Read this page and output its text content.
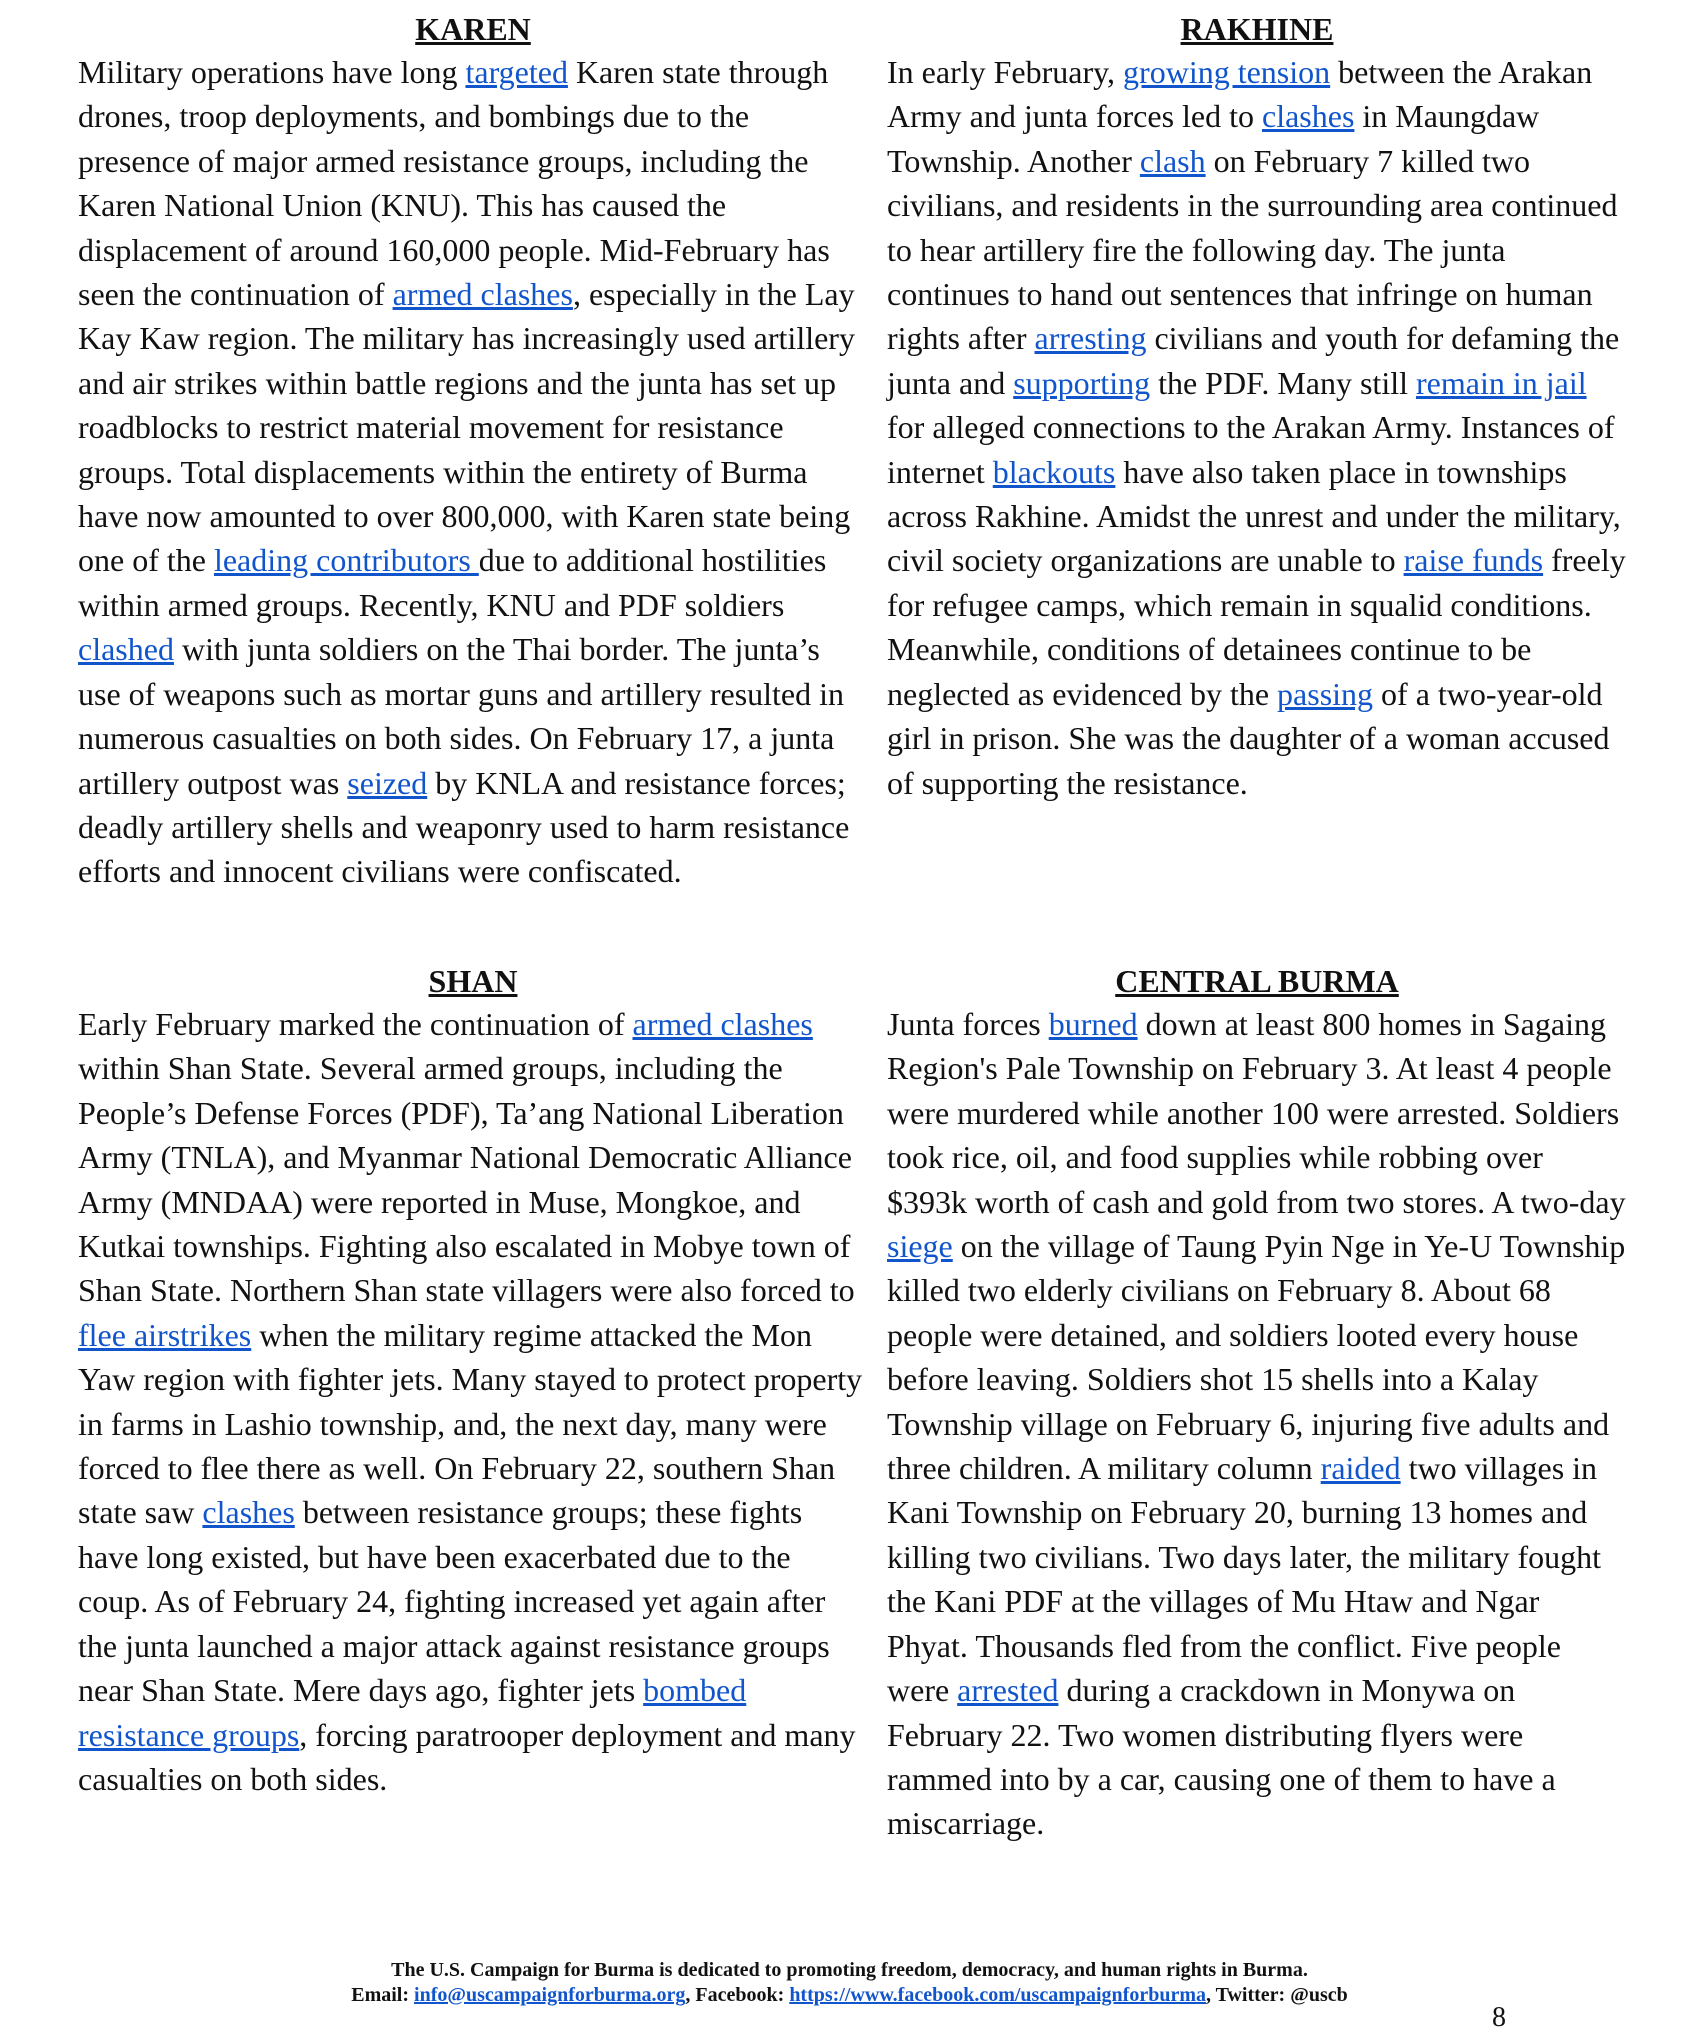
KAREN

Military operations have long targeted Karen state through drones, troop deployments, and bombings due to the presence of major armed resistance groups, including the Karen National Union (KNU). This has caused the displacement of around 160,000 people. Mid-February has seen the continuation of armed clashes, especially in the Lay Kay Kaw region. The military has increasingly used artillery and air strikes within battle regions and the junta has set up roadblocks to restrict material movement for resistance groups. Total displacements within the entirety of Burma have now amounted to over 800,000, with Karen state being one of the leading contributors due to additional hostilities within armed groups. Recently, KNU and PDF soldiers clashed with junta soldiers on the Thai border. The junta’s use of weapons such as mortar guns and artillery resulted in numerous casualties on both sides. On February 17, a junta artillery outpost was seized by KNLA and resistance forces; deadly artillery shells and weaponry used to harm resistance efforts and innocent civilians were confiscated.

RAKHINE

In early February, growing tension between the Arakan Army and junta forces led to clashes in Maungdaw Township. Another clash on February 7 killed two civilians, and residents in the surrounding area continued to hear artillery fire the following day. The junta continues to hand out sentences that infringe on human rights after arresting civilians and youth for defaming the junta and supporting the PDF. Many still remain in jail for alleged connections to the Arakan Army. Instances of internet blackouts have also taken place in townships across Rakhine. Amidst the unrest and under the military, civil society organizations are unable to raise funds freely for refugee camps, which remain in squalid conditions. Meanwhile, conditions of detainees continue to be neglected as evidenced by the passing of a two-year-old girl in prison. She was the daughter of a woman accused of supporting the resistance.

SHAN

Early February marked the continuation of armed clashes within Shan State. Several armed groups, including the People’s Defense Forces (PDF), Ta’ang National Liberation Army (TNLA), and Myanmar National Democratic Alliance Army (MNDAA) were reported in Muse, Mongkoe, and Kutkai townships. Fighting also escalated in Mobye town of Shan State. Northern Shan state villagers were also forced to flee airstrikes when the military regime attacked the Mon Yaw region with fighter jets. Many stayed to protect property in farms in Lashio township, and, the next day, many were forced to flee there as well. On February 22, southern Shan state saw clashes between resistance groups; these fights have long existed, but have been exacerbated due to the coup. As of February 24, fighting increased yet again after the junta launched a major attack against resistance groups near Shan State. Mere days ago, fighter jets bombed resistance groups, forcing paratrooper deployment and many casualties on both sides.

CENTRAL BURMA

Junta forces burned down at least 800 homes in Sagaing Region's Pale Township on February 3. At least 4 people were murdered while another 100 were arrested. Soldiers took rice, oil, and food supplies while robbing over $393k worth of cash and gold from two stores. A two-day siege on the village of Taung Pyin Nge in Ye-U Township killed two elderly civilians on February 8. About 68 people were detained, and soldiers looted every house before leaving. Soldiers shot 15 shells into a Kalay Township village on February 6, injuring five adults and three children. A military column raided two villages in Kani Township on February 20, burning 13 homes and killing two civilians. Two days later, the military fought the Kani PDF at the villages of Mu Htaw and Ngar Phyat. Thousands fled from the conflict. Five people were arrested during a crackdown in Monywa on February 22. Two women distributing flyers were rammed into by a car, causing one of them to have a miscarriage.

The U.S. Campaign for Burma is dedicated to promoting freedom, democracy, and human rights in Burma.
Email: info@uscampaignforburma.org, Facebook: https://www.facebook.com/uscampaignforburma, Twitter: @uscb
8
